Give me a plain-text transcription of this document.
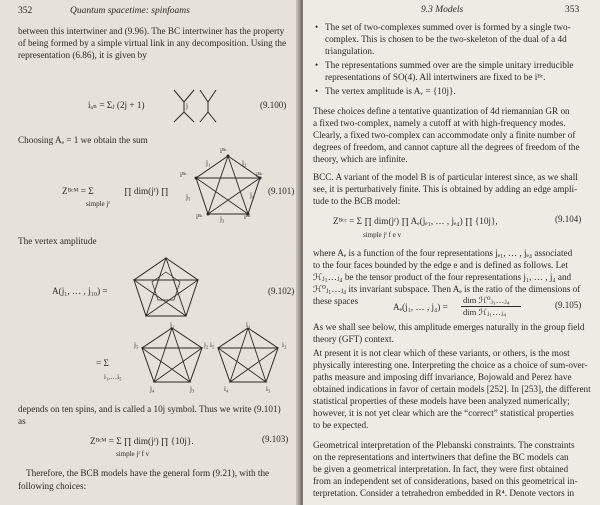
352	Quantum spacetime: spinfoams
between this intertwiner and (9.96). The BC intertwiner has the property
of being formed by a simple virtual link in any decomposition. Using the
representation (6.86), it is given by
iₐₙ = Σⱼ (2j + 1)	j	(9.100)
Choosing Aₑ = 1 we obtain the sum
Zᴮᶜᴹ = Σ
simple jᶠ
∏ dim(jᶠ) ∏
iᴮᶜ
iᴮᶜ
iᴮᶜ
iᴮᶜ
iᴮᶜ
j₁	j₂
j₃
j₄
j₅
(9.101)
The vertex amplitude
A(j₁, … , j₁₀) =	(9.102)
= Σ
i₁,…i₅
j₁
j₂
j₃
j₄
j₅
i₁
i₂
i₃
i₄
i₅
depends on ten spins, and is called a 10j symbol. Thus we write (9.101)
as
Zᴮᶜᴹ = Σ ∏ dim(jᶠ) ∏ {10j}.
simple jᶠ f v
(9.103)
Therefore, the BCB models have the general form (9.21), with the
following choices:
9.3 Models	353
• The set of two-complexes summed over is formed by a single two-
complex. This is chosen to be the two-skeleton of the dual of a 4d
triangulation.
• The representations summed over are the simple unitary irreducible
representations of SO(4). All intertwiners are fixed to be iᴮᶜ.
• The vertex amplitude is Aᵥ = {10j}.
These choices define a tentative quantization of 4d riemannian GR on
a fixed two-complex, namely a cutoff at with high-frequency modes.
Clearly, a fixed two-complex can accommodate only a finite number of
degrees of freedom, and cannot capture all the degrees of freedom of the
theory, which are infinite.
BCC. A variant of the model B is of particular interest since, as we shall
see, it is perturbatively finite. This is obtained by adding an edge ampli-
tude to the BCB model:
Zᴮᶜᶜ = Σ ∏ dim(jᶠ) ∏ Aₑ(jₑ₁, … , jₑ₄) ∏ {10j},
simple jᶠ f e v
(9.104)
where Aₑ is a function of the four representations jₑ₁, … , jₑ₄ associated
to the four faces bounded by the edge e and is defined as follows. Let
ℋⱼ₁…ⱼ₄ be the tensor product of the four representations j₁, … , j₄ and
ℋ⁰ⱼ₁…ⱼ₄ its invariant subspace. Then Aₑ is the ratio of the dimensions of
these spaces
Aₑ(j₁, … , j₄) =
dim ℋ⁰ⱼ₁…ⱼ₄
dim ℋⱼ₁…ⱼ₄
(9.105)
As we shall see below, this amplitude emerges naturally in the group field
theory (GFT) context.
At present it is not clear which of these variants, or others, is the most
physically interesting one. Interpreting the choice as a choice of sum-over-
paths measure and imposing diff invariance, Bojowald and Perez have
obtained indications in favor of certain models [252]. In [253], the different
statistical properties of these models have been analyzed numerically;
however, it is not yet clear which are the “correct” statistical properties
to be expected.
Geometrical interpretation of the Plebanski constraints. The constraints
on the representations and intertwiners that define the BC models can
be given a geometrical interpretation. In fact, they were first obtained
from an independent set of considerations, based on this geometrical in-
terpretation. Consider a tetrahedron embedded in R⁴. Denote vectors in
